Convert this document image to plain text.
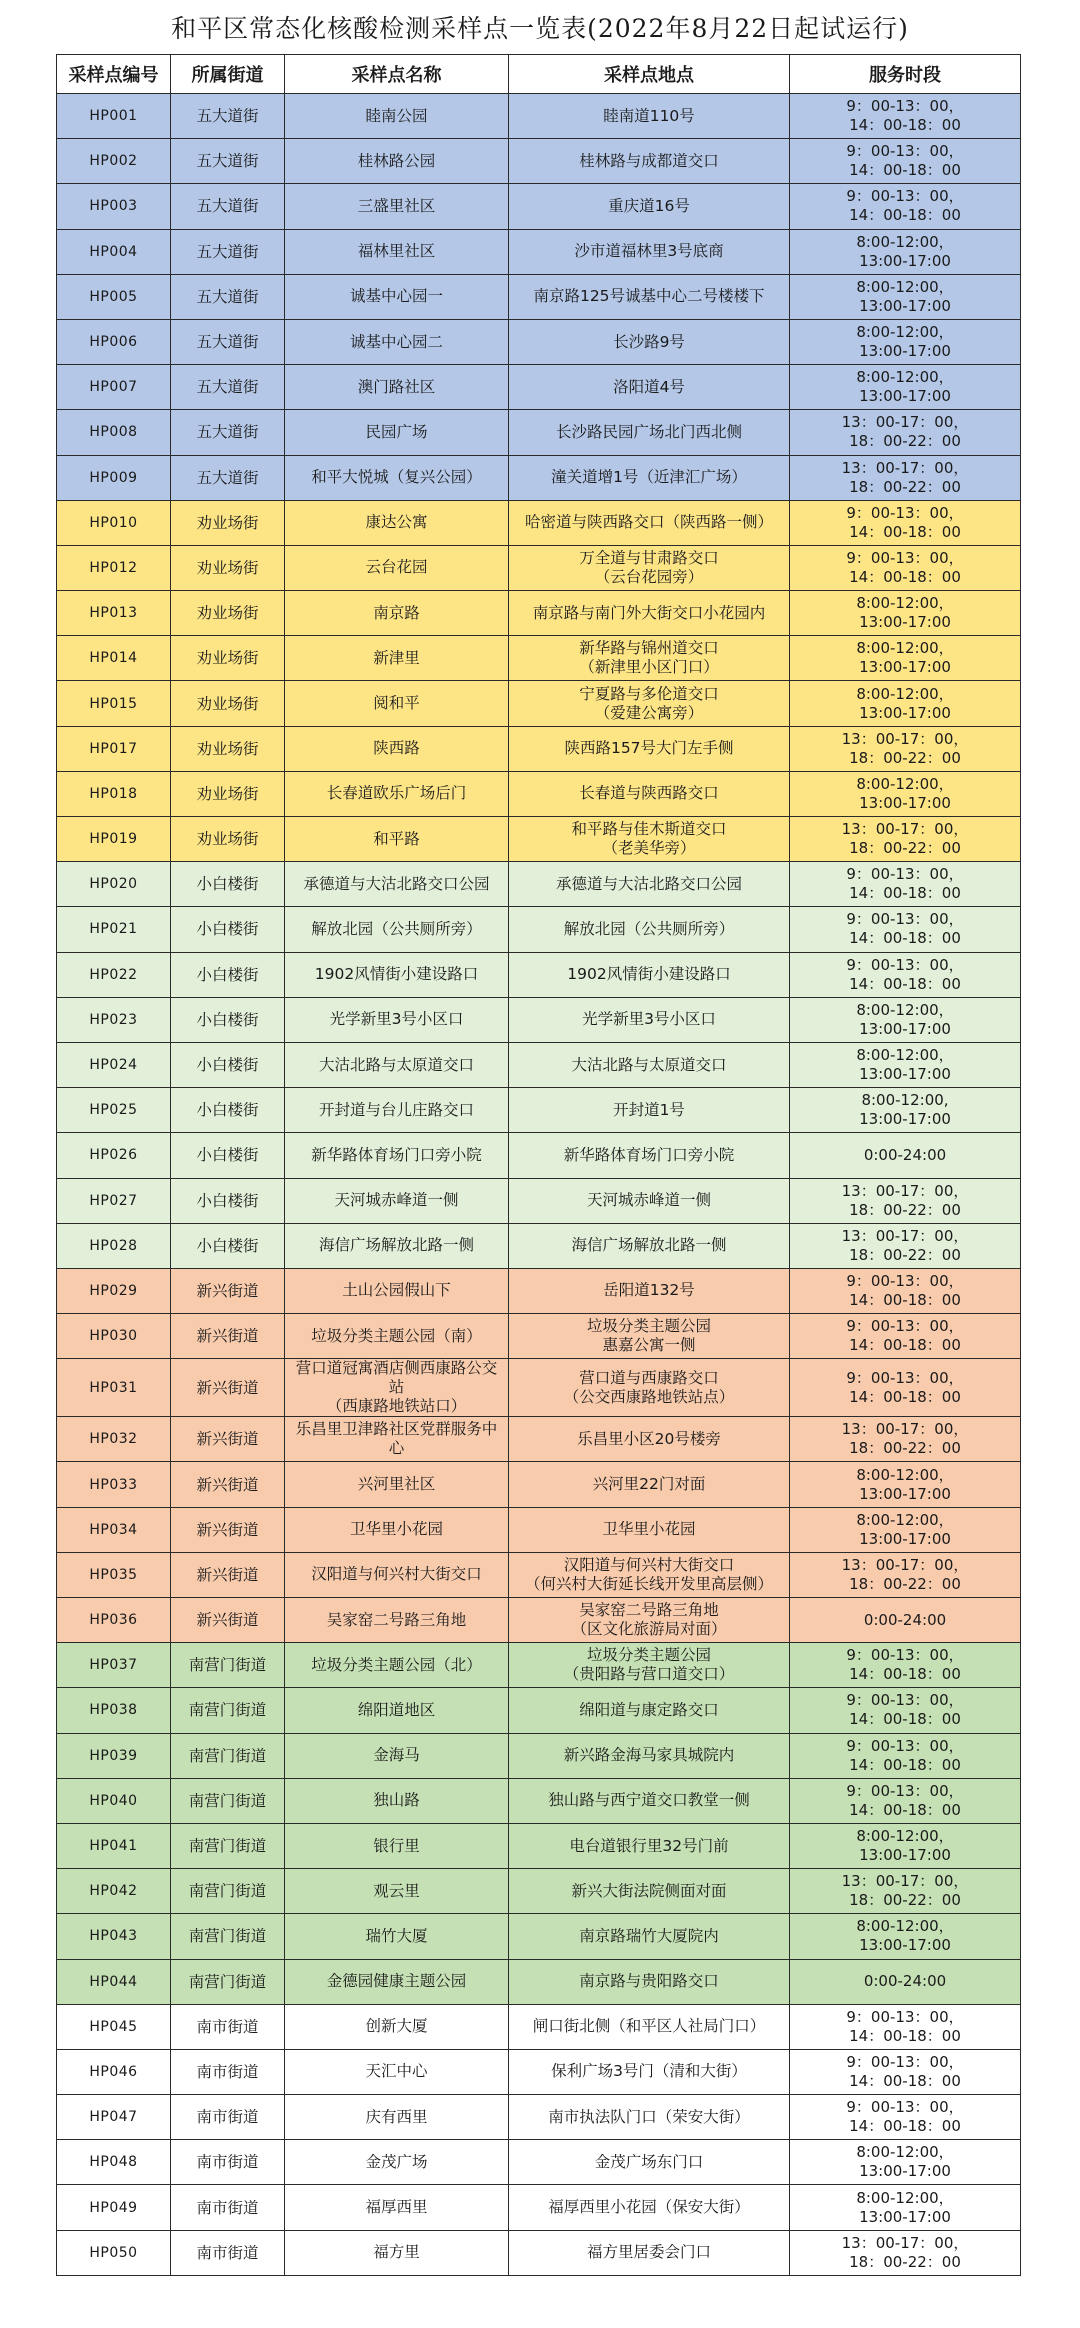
和平区常态化核酸检测采样点一览表(2022年8月22日起试运行)
采样点编号	所属街道	采样点名称	采样点地点	服务时段
HP001	五大道街	睦南公园	睦南道110号	9：00-13：00，
14：00-18：00
HP002	五大道街	桂林路公园	桂林路与成都道交口	9：00-13：00，
14：00-18：00
HP003	五大道街	三盛里社区	重庆道16号	9：00-13：00，
14：00-18：00
HP004	五大道街	福林里社区	沙市道福林里3号底商	8:00-12:00，
13:00-17:00
HP005	五大道街	诚基中心园一	南京路125号诚基中心二号楼楼下	8:00-12:00，
13:00-17:00
HP006	五大道街	诚基中心园二	长沙路9号	8:00-12:00，
13:00-17:00
HP007	五大道街	澳门路社区	洛阳道4号	8:00-12:00，
13:00-17:00
HP008	五大道街	民园广场	长沙路民园广场北门西北侧	13：00-17：00，
18：00-22：00
HP009	五大道街	和平大悦城（复兴公园）	潼关道增1号（近津汇广场）	13：00-17：00，
18：00-22：00
HP010	劝业场街	康达公寓	哈密道与陕西路交口（陕西路一侧）	9：00-13：00，
14：00-18：00
HP012	劝业场街	云台花园	万全道与甘肃路交口
（云台花园旁）	9：00-13：00，
14：00-18：00
HP013	劝业场街	南京路	南京路与南门外大街交口小花园内	8:00-12:00，
13:00-17:00
HP014	劝业场街	新津里	新华路与锦州道交口
（新津里小区门口）	8:00-12:00，
13:00-17:00
HP015	劝业场街	阅和平	宁夏路与多伦道交口
（爱建公寓旁）	8:00-12:00，
13:00-17:00
HP017	劝业场街	陕西路	陕西路157号大门左手侧	13：00-17：00，
18：00-22：00
HP018	劝业场街	长春道欧乐广场后门	长春道与陕西路交口	8:00-12:00，
13:00-17:00
HP019	劝业场街	和平路	和平路与佳木斯道交口
（老美华旁）	13：00-17：00，
18：00-22：00
HP020	小白楼街	承德道与大沽北路交口公园	承德道与大沽北路交口公园	9：00-13：00，
14：00-18：00
HP021	小白楼街	解放北园（公共厕所旁）	解放北园（公共厕所旁）	9：00-13：00，
14：00-18：00
HP022	小白楼街	1902风情街小建设路口	1902风情街小建设路口	9：00-13：00，
14：00-18：00
HP023	小白楼街	光学新里3号小区口	光学新里3号小区口	8:00-12:00，
13:00-17:00
HP024	小白楼街	大沽北路与太原道交口	大沽北路与太原道交口	8:00-12:00，
13:00-17:00
HP025	小白楼街	开封道与台儿庄路交口	开封道1号	8:00-12:00,
13:00-17:00
HP026	小白楼街	新华路体育场门口旁小院	新华路体育场门口旁小院	0:00-24:00
HP027	小白楼街	天河城赤峰道一侧	天河城赤峰道一侧	13：00-17：00，
18：00-22：00
HP028	小白楼街	海信广场解放北路一侧	海信广场解放北路一侧	13：00-17：00，
18：00-22：00
HP029	新兴街道	土山公园假山下	岳阳道132号	9：00-13：00，
14：00-18：00
HP030	新兴街道	垃圾分类主题公园（南）	垃圾分类主题公园
惠嘉公寓一侧	9：00-13：00，
14：00-18：00
HP031	新兴街道	营口道冠寓酒店侧西康路公交站
（西康路地铁站口）	营口道与西康路交口
（公交西康路地铁站点）	9：00-13：00，
14：00-18：00
HP032	新兴街道	乐昌里卫津路社区党群服务中心	乐昌里小区20号楼旁	13：00-17：00，
18：00-22：00
HP033	新兴街道	兴河里社区	兴河里22门对面	8:00-12:00，
13:00-17:00
HP034	新兴街道	卫华里小花园	卫华里小花园	8:00-12:00，
13:00-17:00
HP035	新兴街道	汉阳道与何兴村大街交口	汉阳道与何兴村大街交口
（何兴村大街延长线开发里高层侧）	13：00-17：00，
18：00-22：00
HP036	新兴街道	吴家窑二号路三角地	吴家窑二号路三角地
（区文化旅游局对面）	0:00-24:00
HP037	南营门街道	垃圾分类主题公园（北）	垃圾分类主题公园
（贵阳路与营口道交口）	9：00-13：00，
14：00-18：00
HP038	南营门街道	绵阳道地区	绵阳道与康定路交口	9：00-13：00，
14：00-18：00
HP039	南营门街道	金海马	新兴路金海马家具城院内	9：00-13：00，
14：00-18：00
HP040	南营门街道	独山路	独山路与西宁道交口教堂一侧	9：00-13：00，
14：00-18：00
HP041	南营门街道	银行里	电台道银行里32号门前	8:00-12:00，
13:00-17:00
HP042	南营门街道	观云里	新兴大街法院侧面对面	13：00-17：00，
18：00-22：00
HP043	南营门街道	瑞竹大厦	南京路瑞竹大厦院内	8:00-12:00，
13:00-17:00
HP044	南营门街道	金德园健康主题公园	南京路与贵阳路交口	0:00-24:00
HP045	南市街道	创新大厦	闸口街北侧（和平区人社局门口）	9：00-13：00，
14：00-18：00
HP046	南市街道	天汇中心	保利广场3号门（清和大街）	9：00-13：00，
14：00-18：00
HP047	南市街道	庆有西里	南市执法队门口（荣安大街）	9：00-13：00，
14：00-18：00
HP048	南市街道	金茂广场	金茂广场东门口	8:00-12:00，
13:00-17:00
HP049	南市街道	福厚西里	福厚西里小花园（保安大街）	8:00-12:00，
13:00-17:00
HP050	南市街道	福方里	福方里居委会门口	13：00-17：00，
18：00-22：00
